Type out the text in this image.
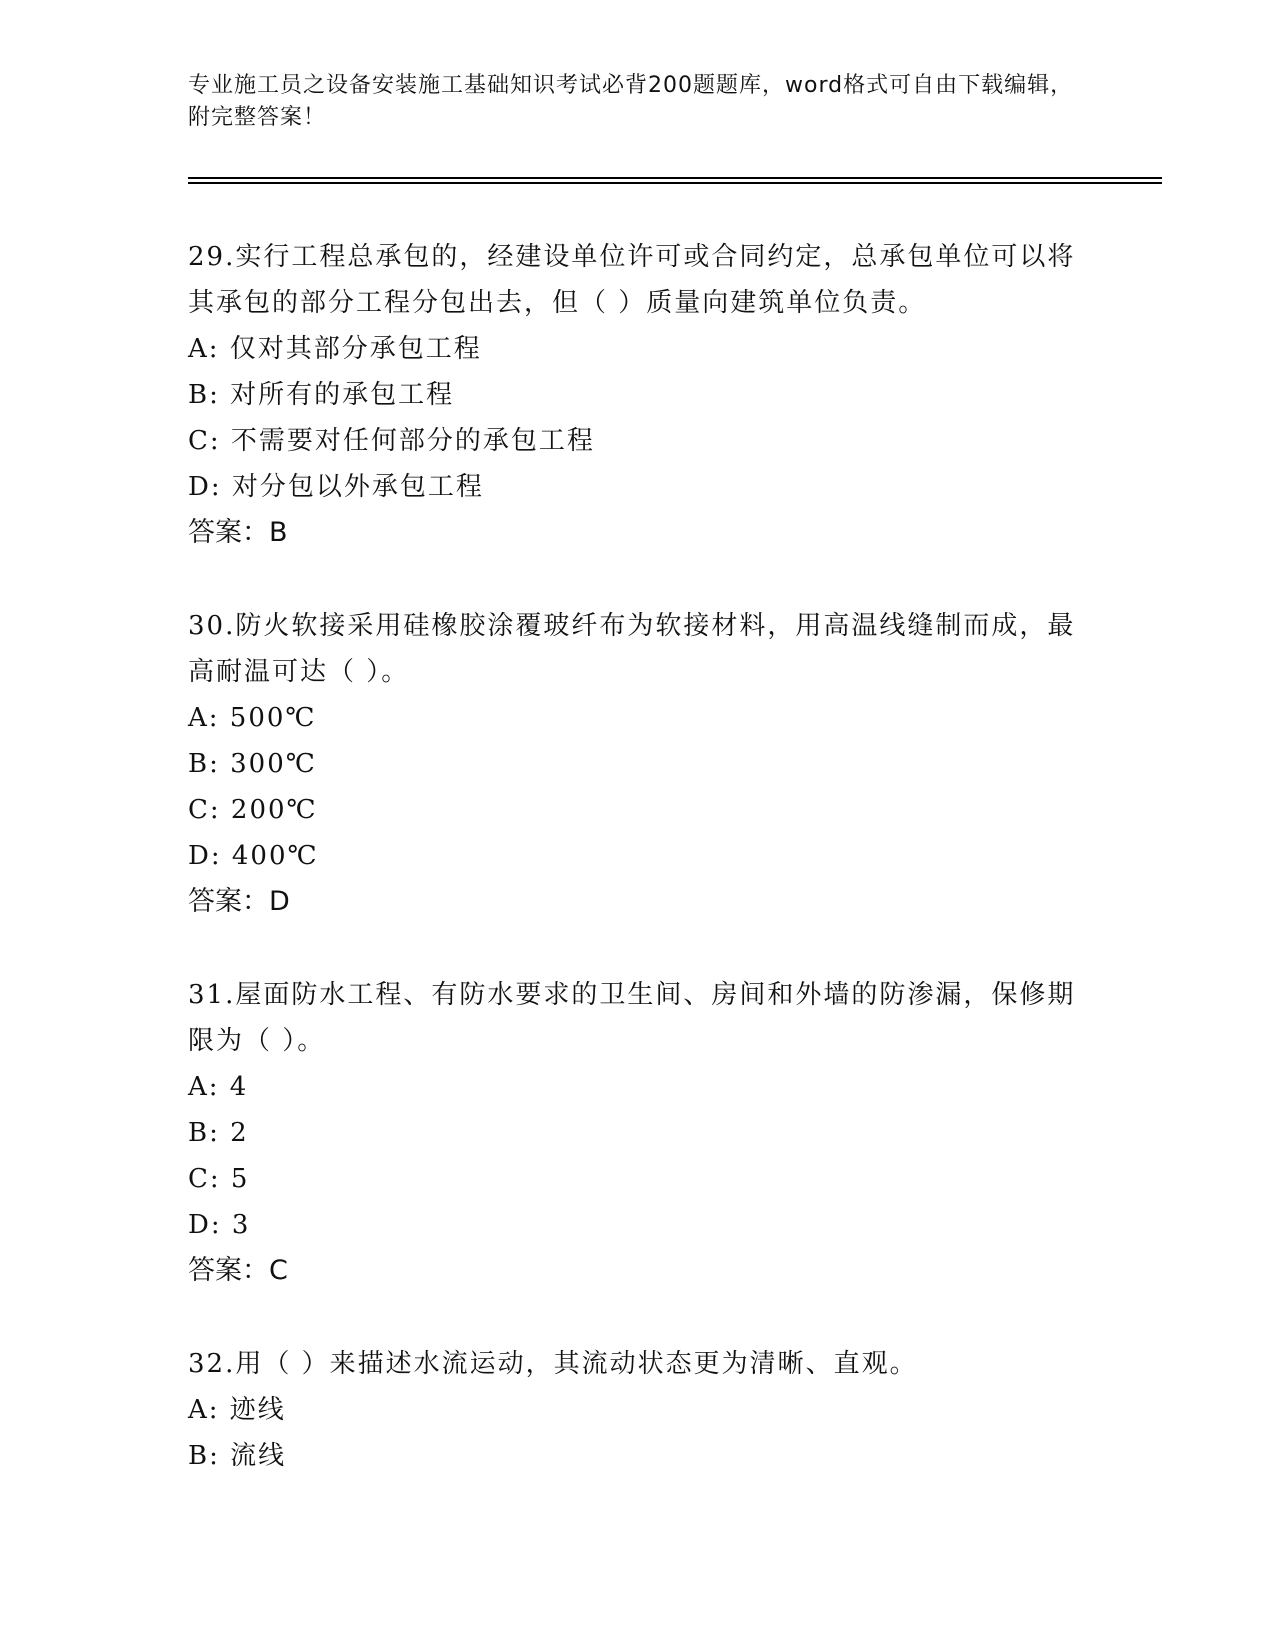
专业施工员之设备安装施工基础知识考试必背200题题库，word格式可自由下载编辑，附完整答案！

29.实行工程总承包的，经建设单位许可或合同约定，总承包单位可以将其承包的部分工程分包出去，但（ ）质量向建筑单位负责。

A: 仅对其部分承包工程

B: 对所有的承包工程

C: 不需要对任何部分的承包工程

D: 对分包以外承包工程

答案：B

30.防火软接采用硅橡胶涂覆玻纤布为软接材料，用高温线缝制而成，最高耐温可达（ ）。

A: 500℃

B: 300℃

C: 200℃

D: 400℃

答案：D

31.屋面防水工程、有防水要求的卫生间、房间和外墙的防渗漏，保修期限为（ ）。

A: 4

B: 2

C: 5

D: 3

答案：C

32.用（ ）来描述水流运动，其流动状态更为清晰、直观。

A: 迹线

B: 流线
